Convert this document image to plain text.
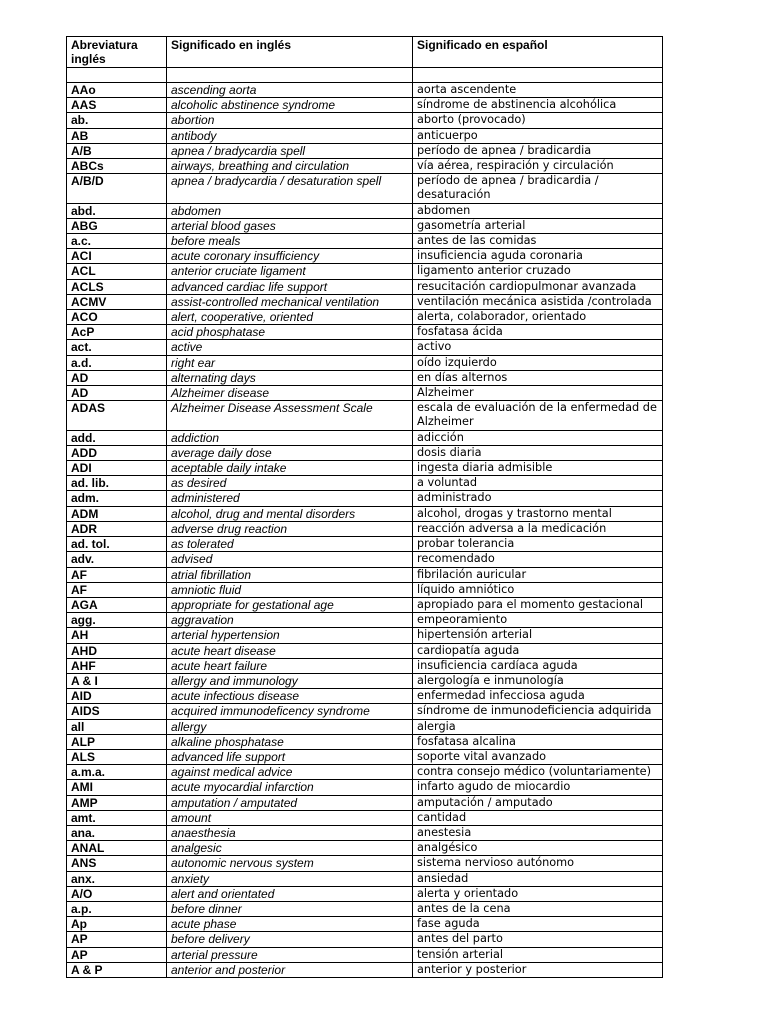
Abreviatura inglés	Significado en inglés	Significado en español

AAo	ascending aorta	aorta ascendente
AAS	alcoholic abstinence syndrome	síndrome de abstinencia alcohólica
ab.	abortion	aborto (provocado)
AB	antibody	anticuerpo
A/B	apnea / bradycardia spell	período de apnea / bradicardia
ABCs	airways, breathing and circulation	vía aérea, respiración y circulación
A/B/D	apnea / bradycardia / desaturation spell	período de apnea / bradicardia / desaturación
abd.	abdomen	abdomen
ABG	arterial blood gases	gasometría arterial
a.c.	before meals	antes de las comidas
ACI	acute coronary insufficiency	insuficiencia aguda coronaria
ACL	anterior cruciate ligament	ligamento anterior cruzado
ACLS	advanced cardiac life support	resucitación cardiopulmonar avanzada
ACMV	assist-controlled mechanical ventilation	ventilación mecánica asistida /controlada
ACO	alert, cooperative, oriented	alerta, colaborador, orientado
AcP	acid phosphatase	fosfatasa ácida
act.	active	activo
a.d.	right ear	oído izquierdo
AD	alternating days	en días alternos
AD	Alzheimer disease	Alzheimer
ADAS	Alzheimer Disease Assessment Scale	escala de evaluación de la enfermedad de Alzheimer
add.	addiction	adicción
ADD	average daily dose	dosis diaria
ADI	aceptable daily intake	ingesta diaria admisible
ad. lib.	as desired	a voluntad
adm.	administered	administrado
ADM	alcohol, drug and mental disorders	alcohol, drogas y trastorno mental
ADR	adverse drug reaction	reacción adversa a la medicación
ad. tol.	as tolerated	probar tolerancia
adv.	advised	recomendado
AF	atrial fibrillation	fibrilación auricular
AF	amniotic fluid	líquido amniótico
AGA	appropriate for gestational age	apropiado para el momento gestacional
agg.	aggravation	empeoramiento
AH	arterial hypertension	hipertensión arterial
AHD	acute heart disease	cardiopatía aguda
AHF	acute heart failure	insuficiencia cardíaca aguda
A & I	allergy and immunology	alergología e inmunología
AID	acute infectious disease	enfermedad infecciosa aguda
AIDS	acquired immunodeficency syndrome	síndrome de inmunodeficiencia adquirida
all	allergy	alergia
ALP	alkaline phosphatase	fosfatasa alcalina
ALS	advanced life support	soporte vital avanzado
a.m.a.	against medical advice	contra consejo médico (voluntariamente)
AMI	acute myocardial infarction	infarto agudo de miocardio
AMP	amputation / amputated	amputación / amputado
amt.	amount	cantidad
ana.	anaesthesia	anestesia
ANAL	analgesic	analgésico
ANS	autonomic nervous system	sistema nervioso autónomo
anx.	anxiety	ansiedad
A/O	alert and orientated	alerta y orientado
a.p.	before dinner	antes de la cena
Ap	acute phase	fase aguda
AP	before delivery	antes del parto
AP	arterial pressure	tensión arterial
A & P	anterior and posterior	anterior y posterior
